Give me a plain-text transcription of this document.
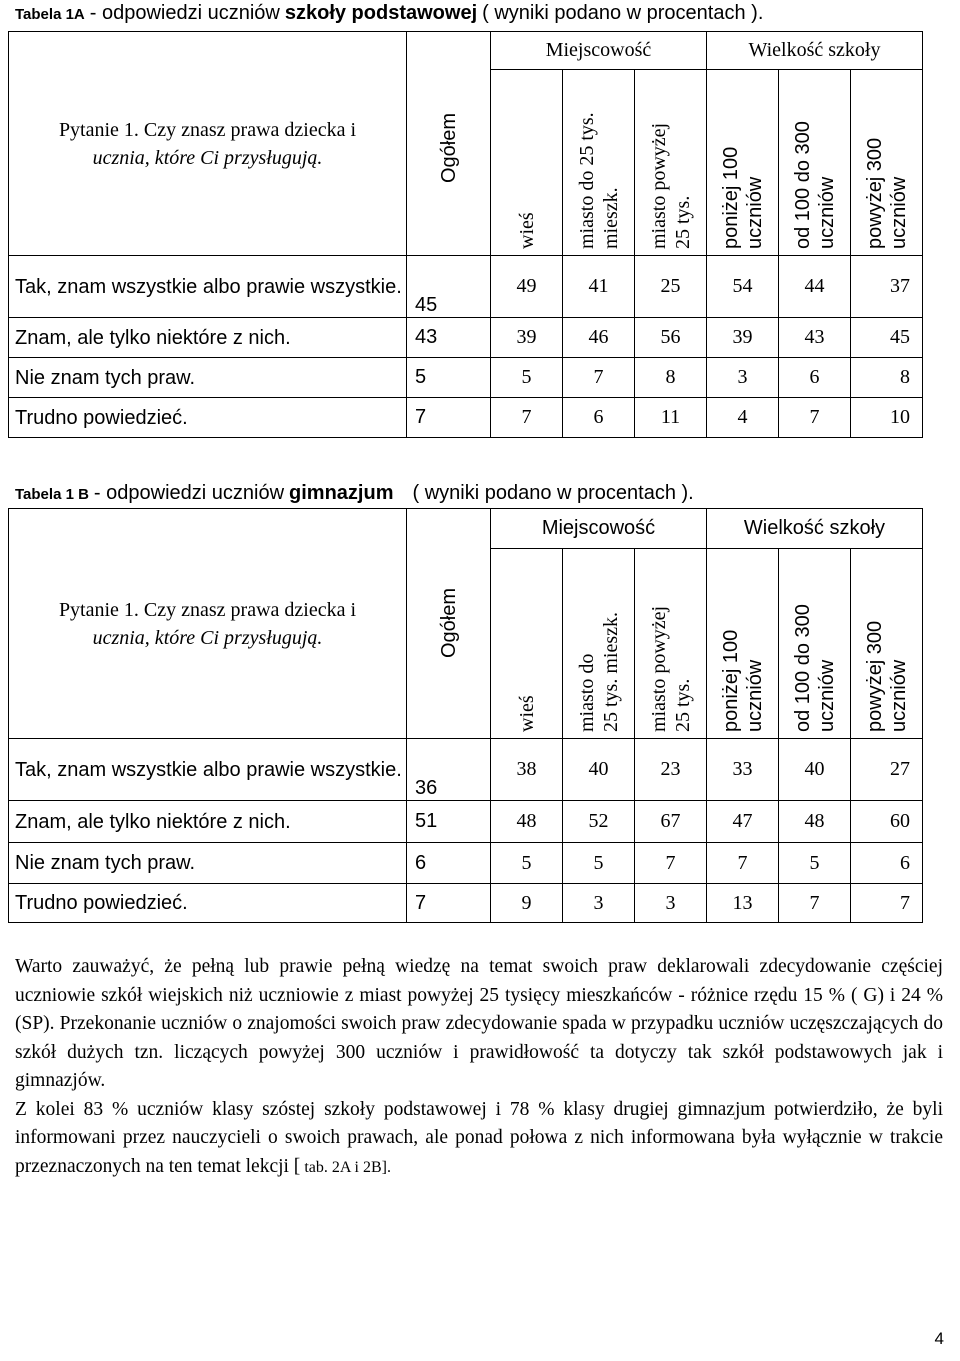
Tabela 1A - odpowiedzi uczniów szkoły podstawowej ( wyniki podano w procentach ).
Pytanie 1. Czy znasz prawa dziecka i
ucznia, które Ci przysługują.	Ogółem	Miejscowość			Wielkość szkoły		

		wieś	miasto do 25 tys. mieszk.	miasto powyżej 25 tys.	poniżej 100 uczniów	od 100 do 300 uczniów	powyżej 300 uczniów

Tak, znam wszystkie albo prawie wszystkie.	45	49	41	25	54	44	37
Znam, ale tylko niektóre z nich.	43	39	46	56	39	43	45
Nie znam tych praw.	5	5	7	8	3	6	8
Trudno powiedzieć.	7	7	6	11	4	7	10
Tabela 1 B - odpowiedzi uczniów gimnazjum ( wyniki podano w procentach ).
Pytanie 1. Czy znasz prawa dziecka i
ucznia, które Ci przysługują.	Ogółem	Miejscowość			Wielkość szkoły		

		wieś	miasto do 25 tys. mieszk.	miasto powyżej 25 tys.	poniżej 100 uczniów	od 100 do 300 uczniów	powyżej 300 uczniów

Tak, znam wszystkie albo prawie wszystkie.	36	38	40	23	33	40	27
Znam, ale tylko niektóre z nich.	51	48	52	67	47	48	60
Nie znam tych praw.	6	5	5	7	7	5	6
Trudno powiedzieć.	7	9	3	3	13	7	7

Warto zauważyć, że pełną lub prawie pełną wiedzę na temat swoich praw deklarowali zdecydowanie częściej uczniowie szkół wiejskich niż uczniowie z miast powyżej 25 tysięcy mieszkańców - różnice rzędu 15 % ( G) i 24 % (SP). Przekonanie uczniów o znajomości swoich praw zdecydowanie spada w przypadku uczniów uczęszczających do szkół dużych tzn. liczących powyżej 300 uczniów i prawidłowość ta dotyczy tak szkół podstawowych jak i gimnazjów.

Z kolei 83 % uczniów klasy szóstej szkoły podstawowej i 78 % klasy drugiej gimnazjum potwierdziło, że byli informowani przez nauczycieli o swoich prawach, ale ponad połowa z nich informowana była wyłącznie w trakcie przeznaczonych na ten temat lekcji [ tab. 2A i 2B].

4
